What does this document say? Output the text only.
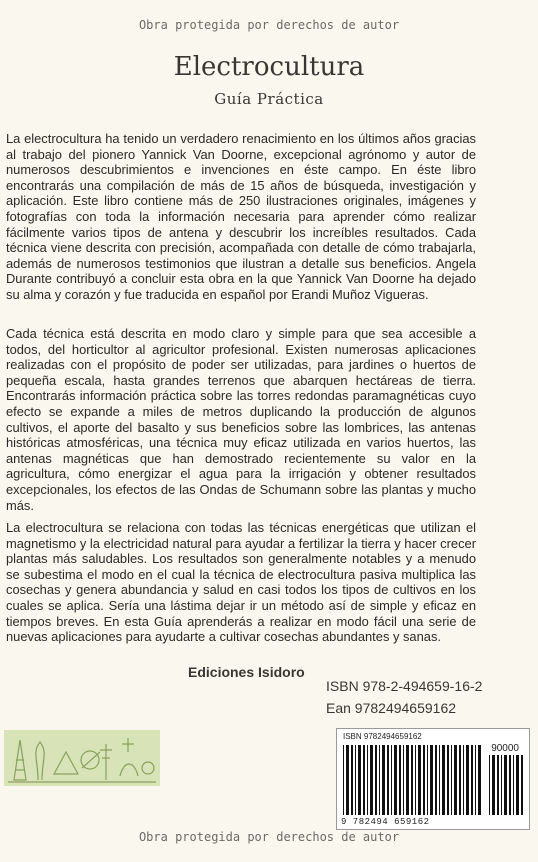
Obra protegida por derechos de autor
Electrocultura
Guía Práctica
La electrocultura ha tenido un verdadero renacimiento en los últimos años gracias al trabajo del pionero Yannick Van Doorne, excepcional agrónomo y autor de numerosos descubrimientos e invenciones en éste campo. En éste libro encontrarás una compilación de más de 15 años de búsqueda, investigación y aplicación. Este libro contiene más de 250 ilustraciones originales, imágenes y fotografías con toda la información necesaria para aprender cómo realizar fácilmente varios tipos de antena y descubrir los increíbles resultados. Cada técnica viene descrita con precisión, acompañada con detalle de cómo trabajarla, además de numerosos testimonios que ilustran a detalle sus beneficios. Angela Durante contribuyó a concluir esta obra en la que Yannick Van Doorne ha dejado su alma y corazón y fue traducida en español por Erandi Muñoz Vigueras.
Cada técnica está descrita en modo claro y simple para que sea accesible a todos, del horticultor al agricultor profesional. Existen numerosas aplicaciones realizadas con el propósito de poder ser utilizadas, para jardines o huertos de pequeña escala, hasta grandes terrenos que abarquen hectáreas de tierra. Encontrarás información práctica sobre las torres redondas paramagnéticas cuyo efecto se expande a miles de metros duplicando la producción de algunos cultivos, el aporte del basalto y sus beneficios sobre las lombrices, las antenas históricas atmosféricas, una técnica muy eficaz utilizada en varios huertos, las antenas magnéticas que han demostrado recientemente su valor en la agricultura, cómo energizar el agua para la irrigación y obtener resultados excepcionales, los efectos de las Ondas de Schumann sobre las plantas y mucho más.
La electrocultura se relaciona con todas las técnicas energéticas que utilizan el magnetismo y la electricidad natural para ayudar a fertilizar la tierra y hacer crecer plantas más saludables. Los resultados son generalmente notables y a menudo se subestima el modo en el cual la técnica de electrocultura pasiva multiplica las cosechas y genera abundancia y salud en casi todos los tipos de cultivos en los cuales se aplica. Sería una lástima dejar ir un método así de simple y eficaz en tiempos breves. En esta Guía aprenderás a realizar en modo fácil una serie de nuevas aplicaciones para ayudarte a cultivar cosechas abundantes y sanas.
Ediciones Isidoro
ISBN 978-2-494659-16-2
Ean 9782494659162
ISBN 9782494659162
90000
9 782494 659162
Obra protegida por derechos de autor
